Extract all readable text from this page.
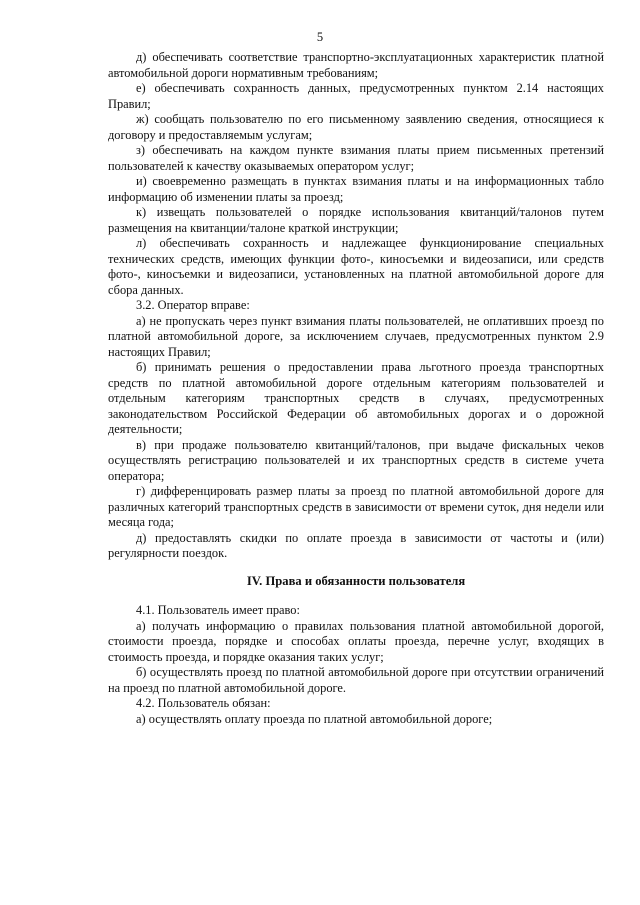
5

д) обеспечивать соответствие транспортно-эксплуатационных характеристик платной автомобильной дороги нормативным требованиям;

е) обеспечивать сохранность данных, предусмотренных пунктом 2.14 настоящих Правил;

ж) сообщать пользователю по его письменному заявлению сведения, относящиеся к договору и предоставляемым услугам;

з) обеспечивать на каждом пункте взимания платы прием письменных претензий пользователей к качеству оказываемых оператором услуг;

и) своевременно размещать в пунктах взимания платы и на информационных табло информацию об изменении платы за проезд;

к) извещать пользователей о порядке использования квитанций/талонов путем размещения на квитанции/талоне краткой инструкции;

л) обеспечивать сохранность и надлежащее функционирование специальных технических средств, имеющих функции фото-, киносъемки и видеозаписи, или средств фото-, киносъемки и видеозаписи, установленных на платной автомобильной дороге для сбора данных.

3.2. Оператор вправе:

а) не пропускать через пункт взимания платы пользователей, не оплативших проезд по платной автомобильной дороге, за исключением случаев, предусмотренных пунктом 2.9 настоящих Правил;

б) принимать решения о предоставлении права льготного проезда транспортных средств по платной автомобильной дороге отдельным категориям пользователей и отдельным категориям транспортных средств в случаях, предусмотренных законодательством Российской Федерации об автомобильных дорогах и о дорожной деятельности;

в) при продаже пользователю квитанций/талонов, при выдаче фискальных чеков осуществлять регистрацию пользователей и их транспортных средств в системе учета оператора;

г) дифференцировать размер платы за проезд по платной автомобильной дороге для различных категорий транспортных средств в зависимости от времени суток, дня недели или месяца года;

д) предоставлять скидки по оплате проезда в зависимости от частоты и (или) регулярности поездок.

IV. Права и обязанности пользователя

4.1. Пользователь имеет право:

а) получать информацию о правилах пользования платной автомобильной дорогой, стоимости проезда, порядке и способах оплаты проезда, перечне услуг, входящих в стоимость проезда, и порядке оказания таких услуг;

б) осуществлять проезд по платной автомобильной дороге при отсутствии ограничений на проезд по платной автомобильной дороге.

4.2. Пользователь обязан:

а) осуществлять оплату проезда по платной автомобильной дороге;
